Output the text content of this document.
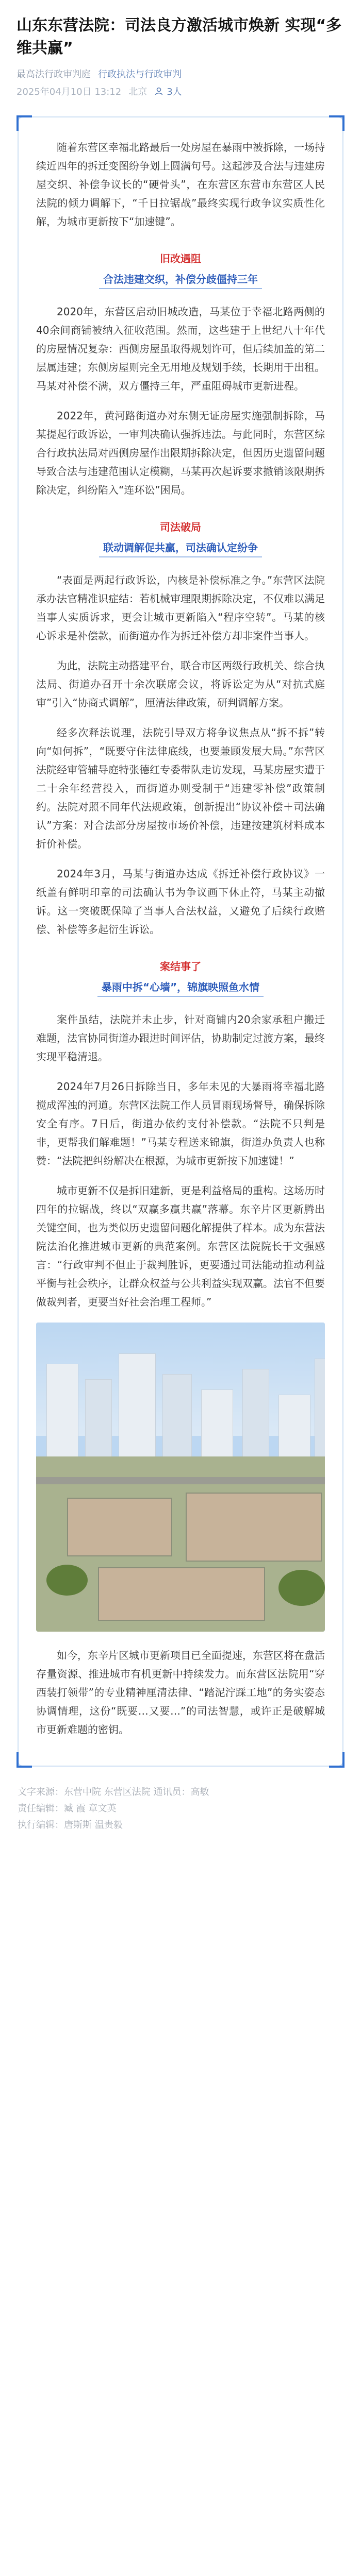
山东东营法院：司法良方激活城市焕新 实现“多维共赢”
最高法行政审判庭 行政执法与行政审判
2025年04月10日 13:12 北京 3人

随着东营区幸福北路最后一处房屋在暴雨中被拆除，一场持续近四年的拆迁变图纷争划上圆满句号。这起涉及合法与违建房屋交织、补偿争议长的“硬骨头”，在东营区东营市东营区人民法院的倾力调解下，“千日拉锯战”最终实现行政争议实质性化解，为城市更新按下“加速键”。

旧改遇阻
合法违建交织，补偿分歧僵持三年

2020年，东营区启动旧城改造，马某位于幸福北路两侧的40余间商铺被纳入征收范围。然而，这些建于上世纪八十年代的房屋情况复杂：西侧房屋虽取得规划许可，但后续加盖的第二层属违建；东侧房屋则完全无用地及规划手续，长期用于出租。马某对补偿不满，双方僵持三年，严重阻碍城市更新进程。

2022年，黄河路街道办对东侧无证房屋实施强制拆除，马某提起行政诉讼，一审判决确认强拆违法。与此同时，东营区综合行政执法局对西侧房屋作出限期拆除决定，但因历史遗留问题导致合法与违建范围认定模糊，马某再次起诉要求撤销该限期拆除决定，纠纷陷入“连环讼”困局。

司法破局
联动调解促共赢，司法确认定纷争

“表面是两起行政诉讼，内核是补偿标准之争。”东营区法院承办法官精准识症结：若机械审理限期拆除决定，不仅难以满足当事人实质诉求，更会让城市更新陷入“程序空转”。马某的核心诉求是补偿款，而街道办作为拆迁补偿方却非案件当事人。

为此，法院主动搭建平台，联合市区两级行政机关、综合执法局、街道办召开十余次联席会议，将诉讼定为从“对抗式庭审”引入“协商式调解”，厘清法律政策，研判调解方案。

经多次释法说理，法院引导双方将争议焦点从“拆不拆”转向“如何拆”，“既要守住法律底线，也要兼顾发展大局。”东营区法院经审管辅导庭特张德红专委带队走访发现，马某房屋实遭于二十余年经营投入，而街道办则受制于“违建零补偿”政策制约。法院对照不同年代法规政策，创新提出“协议补偿＋司法确认”方案：对合法部分房屋按市场价补偿，违建按建筑材料成本折价补偿。

2024年3月，马某与街道办达成《拆迁补偿行政协议》一纸盖有鲜明印章的司法确认书为争议画下休止符，马某主动撤诉。这一突破既保障了当事人合法权益，又避免了后续行政赔偿、补偿等多起衍生诉讼。

案结事了
暴雨中拆“心墙”，锦旗映照鱼水情

案件虽结，法院并未止步，针对商铺内20余家承租户搬迁难题，法官协同街道办跟进时间评估，协助制定过渡方案，最终实现平稳清退。

2024年7月26日拆除当日，多年未见的大暴雨将幸福北路搅成浑浊的河道。东营区法院工作人员冒雨现场督导，确保拆除安全有序。7日后，街道办依约支付补偿款。“法院不只判是非，更帮我们解难题！”马某专程送来锦旗，街道办负责人也称赞：“法院把纠纷解决在根源，为城市更新按下加速键！”

城市更新不仅是拆旧建新，更是利益格局的重构。这场历时四年的拉锯战，终以“双赢多赢共赢”落幕。东辛片区更新腾出关键空间，也为类似历史遗留问题化解提供了样本。成为东营法院法治化推进城市更新的典范案例。东营区法院院长于文强感言：“行政审判不但止于裁判胜诉，更要通过司法能动推动利益平衡与社会秩序，让群众权益与公共利益实现双赢。法官不但要做裁判者，更要当好社会治理工程师。”

如今，东辛片区城市更新项目已全面提速，东营区将在盘活存量资源、推进城市有机更新中持续发力。而东营区法院用“穿西装打领带”的专业精神厘清法律、“踏泥泞踩工地”的务实姿态协调情理，这份“既要…又要…”的司法智慧，或许正是破解城市更新难题的密钥。

文字来源：东营中院 东营区法院 通讯员：高敏
责任编辑：臧 霞 章文英
执行编辑：唐斯斯 温贵毅
